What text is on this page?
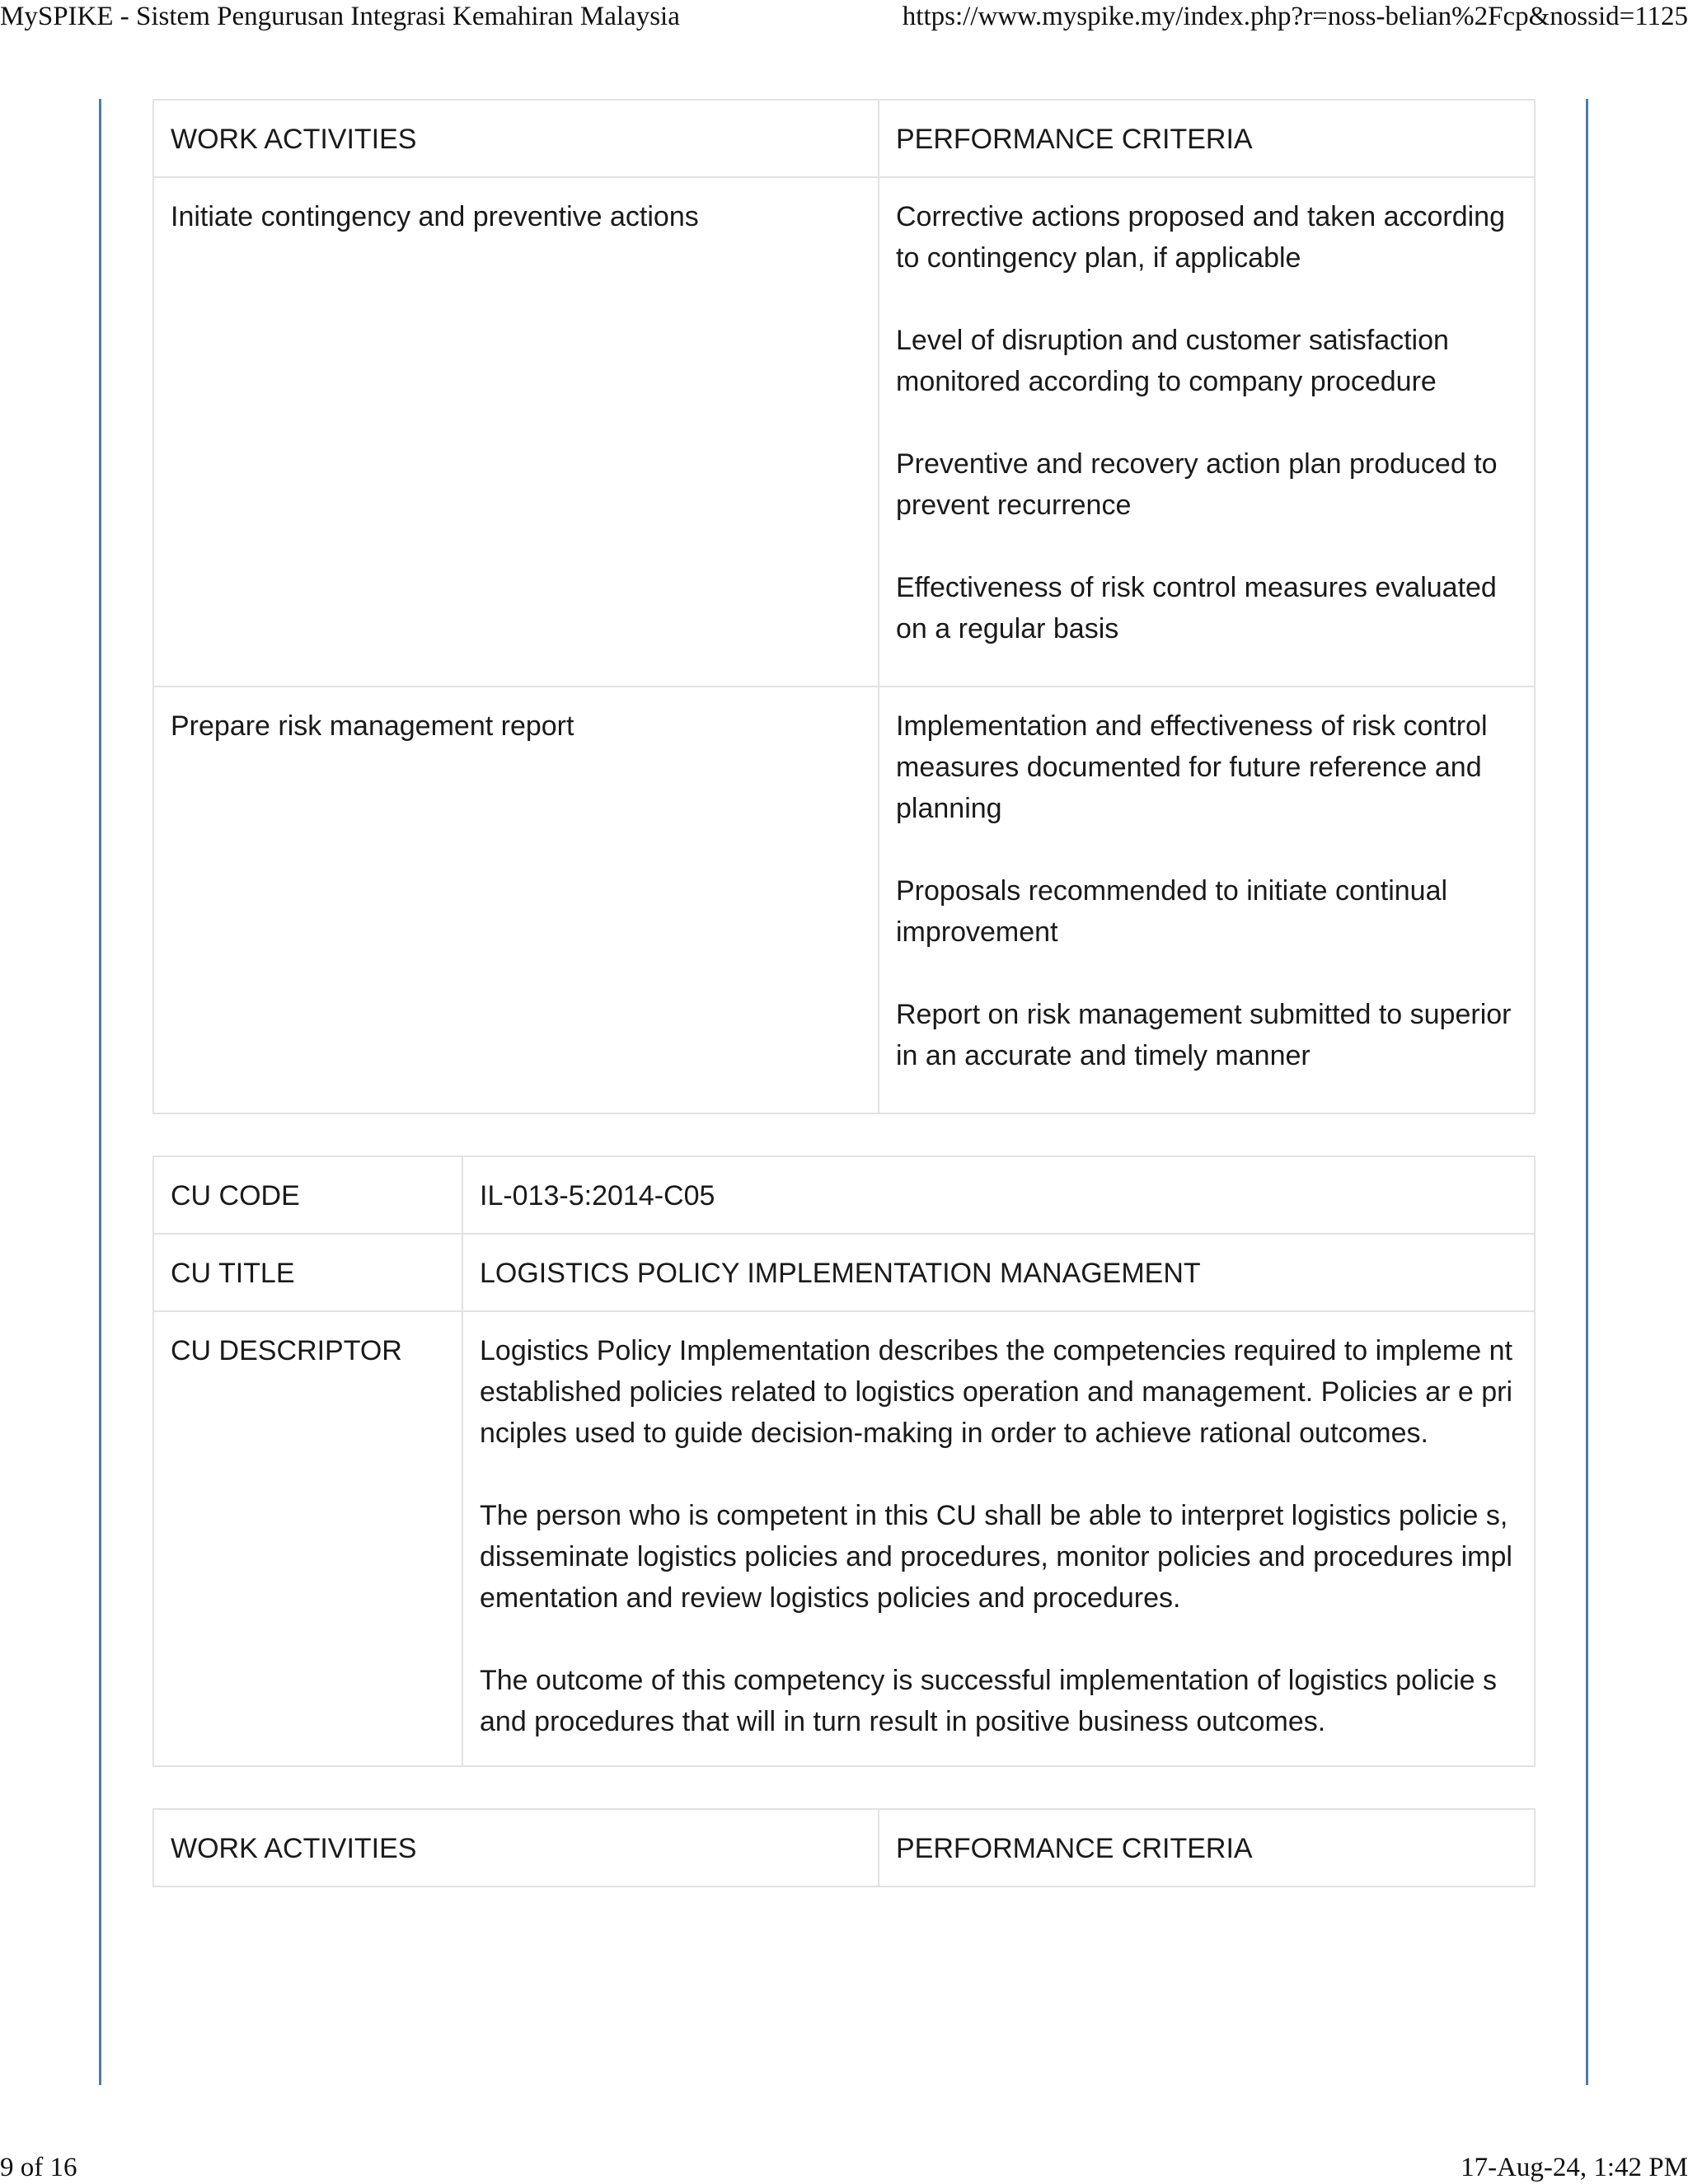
MySPIKE - Sistem Pengurusan Integrasi Kemahiran Malaysia	https://www.myspike.my/index.php?r=noss-belian%2Fcp&nossid=1125
WORK ACTIVITIES	PERFORMANCE CRITERIA
Initiate contingency and preventive actions	Corrective actions proposed and taken according to contingency plan, if applicable
Level of disruption and customer satisfaction monitored according to company procedure
Preventive and recovery action plan produced to prevent recurrence
Effectiveness of risk control measures evaluated on a regular basis

Prepare risk management report	Implementation and effectiveness of risk control measures documented for future reference and planning
Proposals recommended to initiate continual improvement
Report on risk management submitted to superior in an accurate and timely manner
CU CODE	IL-013-5:2014-C05
CU TITLE	LOGISTICS POLICY IMPLEMENTATION MANAGEMENT
CU DESCRIPTOR	Logistics Policy Implementation describes the competencies required to impleme nt established policies related to logistics operation and management. Policies ar e principles used to guide decision-making in order to achieve rational outcomes.
The person who is competent in this CU shall be able to interpret logistics policie s, disseminate logistics policies and procedures, monitor policies and procedures implementation and review logistics policies and procedures.
The outcome of this competency is successful implementation of logistics policie s and procedures that will in turn result in positive business outcomes.
WORK ACTIVITIES	PERFORMANCE CRITERIA
9 of 16	17-Aug-24, 1:42 PM
